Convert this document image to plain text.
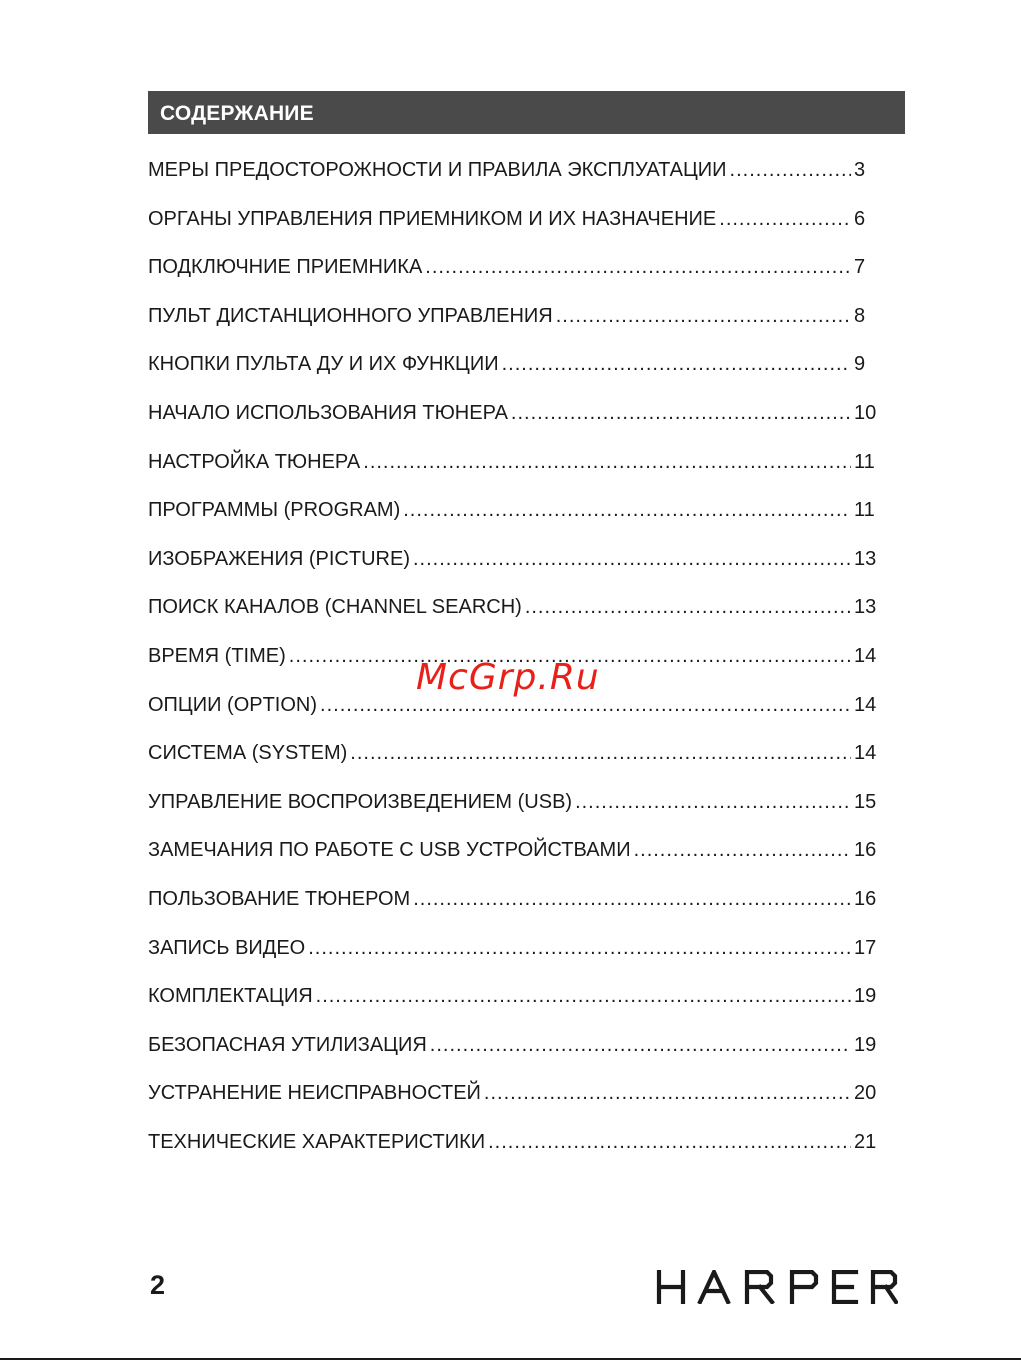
СОДЕРЖАНИЕ
МЕРЫ ПРЕДОСТОРОЖНОСТИ И ПРАВИЛА ЭКСПЛУАТАЦИИ .....	3
ОРГАНЫ УПРАВЛЕНИЯ ПРИЕМНИКОМ И ИХ НАЗНАЧЕНИЕ .....	6
ПОДКЛЮЧНИЕ ПРИЕМНИКА .....	7
ПУЛЬТ ДИСТАНЦИОННОГО УПРАВЛЕНИЯ .....	8
КНОПКИ ПУЛЬТА ДУ И ИХ ФУНКЦИИ .....	9
НАЧАЛО ИСПОЛЬЗОВАНИЯ ТЮНЕРА .....	10
НАСТРОЙКА ТЮНЕРА .....	11
ПРОГРАММЫ (PROGRAM) .....	11
ИЗОБРАЖЕНИЯ (PICTURE) .....	13
ПОИСК КАНАЛОВ (CHANNEL SEARCH) .....	13
ВРЕМЯ (TIME) .....	14
ОПЦИИ (OPTION) .....	14
СИСТЕМА (SYSTEM) .....	14
УПРАВЛЕНИЕ ВОСПРОИЗВЕДЕНИЕМ (USB) .....	15
ЗАМЕЧАНИЯ ПО РАБОТЕ С USB УСТРОЙСТВАМИ .....	16
ПОЛЬЗОВАНИЕ ТЮНЕРОМ .....	16
ЗАПИСЬ ВИДЕО .....	17
КОМПЛЕКТАЦИЯ .....	19
БЕЗОПАСНАЯ УТИЛИЗАЦИЯ .....	19
УСТРАНЕНИЕ НЕИСПРАВНОСТЕЙ .....	20
ТЕХНИЧЕСКИЕ ХАРАКТЕРИСТИКИ .....	21
McGrp.Ru
2
